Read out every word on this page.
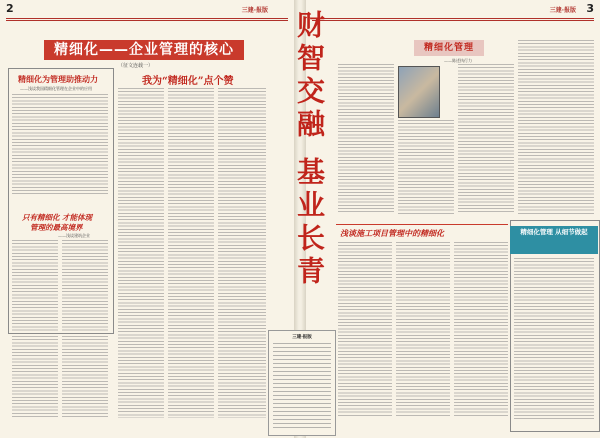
2	三建·报版
精细化——企业管理的核心
（征文连载一）
精细化为管理助推动力
——浅谈我国精细化管理在企业中的应用
只有精细化 才能体现
管理的最高境界
——浅谈建筑企业
我为“精细化”点个赞
3
三建·报版
精细化管理
——陈述执行力
浅谈施工项目管理中的精细化	精细化管理 从细节做起
财智交融 基业长青
三建·报版
